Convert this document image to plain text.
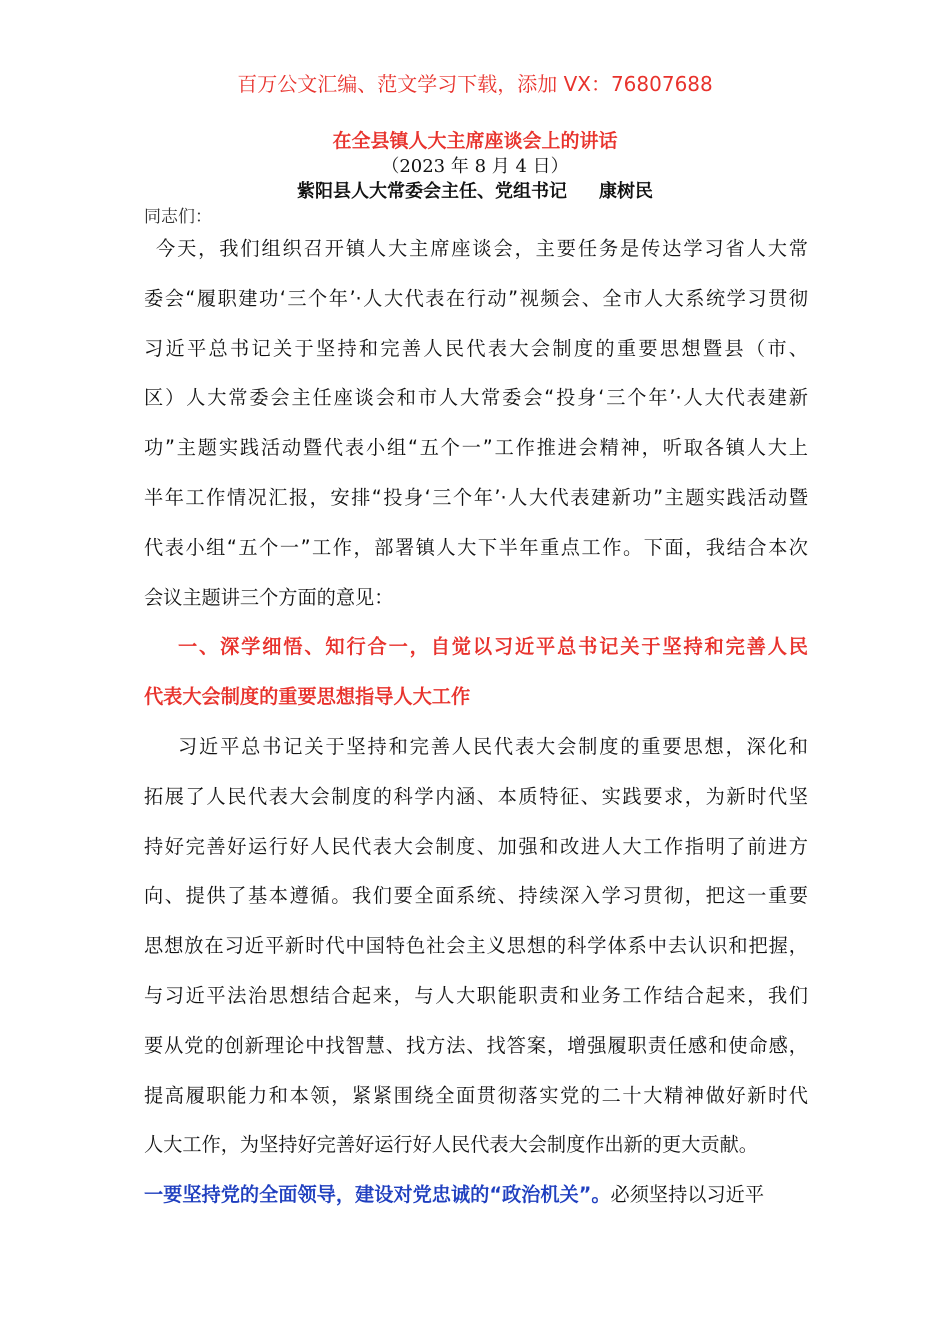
百万公文汇编、范文学习下载，添加 VX：76807688
在全县镇人大主席座谈会上的讲话
（2023 年 8 月 4 日）
紫阳县人大常委会主任、党组书记 康树民
同志们：
今天，我们组织召开镇人大主席座谈会，主要任务是传达学习省人大常
委会“履职建功‘三个年’·人大代表在行动”视频会、全市人大系统学习贯彻
习近平总书记关于坚持和完善人民代表大会制度的重要思想暨县（市、
区）人大常委会主任座谈会和市人大常委会“投身‘三个年’·人大代表建新
功”主题实践活动暨代表小组“五个一”工作推进会精神，听取各镇人大上
半年工作情况汇报，安排“投身‘三个年’·人大代表建新功”主题实践活动暨
代表小组“五个一”工作，部署镇人大下半年重点工作。下面，我结合本次
会议主题讲三个方面的意见：
一、深学细悟、知行合一，自觉以习近平总书记关于坚持和完善人民
代表大会制度的重要思想指导人大工作
习近平总书记关于坚持和完善人民代表大会制度的重要思想，深化和
拓展了人民代表大会制度的科学内涵、本质特征、实践要求，为新时代坚
持好完善好运行好人民代表大会制度、加强和改进人大工作指明了前进方
向、提供了基本遵循。我们要全面系统、持续深入学习贯彻，把这一重要
思想放在习近平新时代中国特色社会主义思想的科学体系中去认识和把握，
与习近平法治思想结合起来，与人大职能职责和业务工作结合起来，我们
要从党的创新理论中找智慧、找方法、找答案，增强履职责任感和使命感，
提高履职能力和本领，紧紧围绕全面贯彻落实党的二十大精神做好新时代
人大工作，为坚持好完善好运行好人民代表大会制度作出新的更大贡献。
一要坚持党的全面领导，建设对党忠诚的“政治机关”。必须坚持以习近平
